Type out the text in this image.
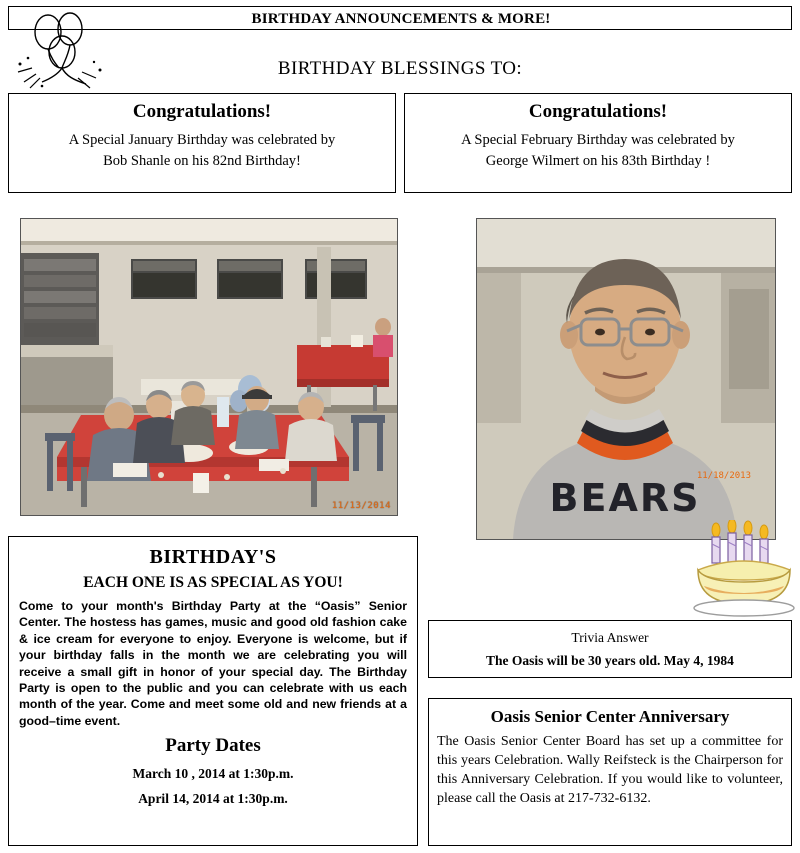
BIRTHDAY ANNOUNCEMENTS & MORE!
BIRTHDAY BLESSINGS TO:
Congratulations!
A Special January Birthday was celebrated by
Bob Shanle on his 82nd Birthday!
Congratulations!
A Special February Birthday was celebrated by
George Wilmert on his 83th Birthday !
11/13/2014	BEARS
11/18/2013
BIRTHDAY'S
EACH ONE IS AS SPECIAL AS YOU!
Come to your month's Birthday Party at the “Oasis” Senior Center. The hostess has games, music and good old fashion cake & ice cream for everyone to enjoy. Everyone is welcome, but if your birthday falls in the month we are celebrating you will receive a small gift in honor of your special day. The Birthday Party is open to the public and you can celebrate with us each month of the year. Come and meet some old and new friends at a good–time event.
Party Dates
March 10 , 2014 at 1:30p.m.
April 14, 2014 at 1:30p.m.
Trivia Answer
The Oasis will be 30 years old. May 4, 1984
Oasis Senior Center Anniversary
The Oasis Senior Center Board has set up a committee for this years Celebration. Wally Reifsteck is the Chairperson for this Anniversary Celebration. If you would like to volunteer, please call the Oasis at 217-732-6132.
